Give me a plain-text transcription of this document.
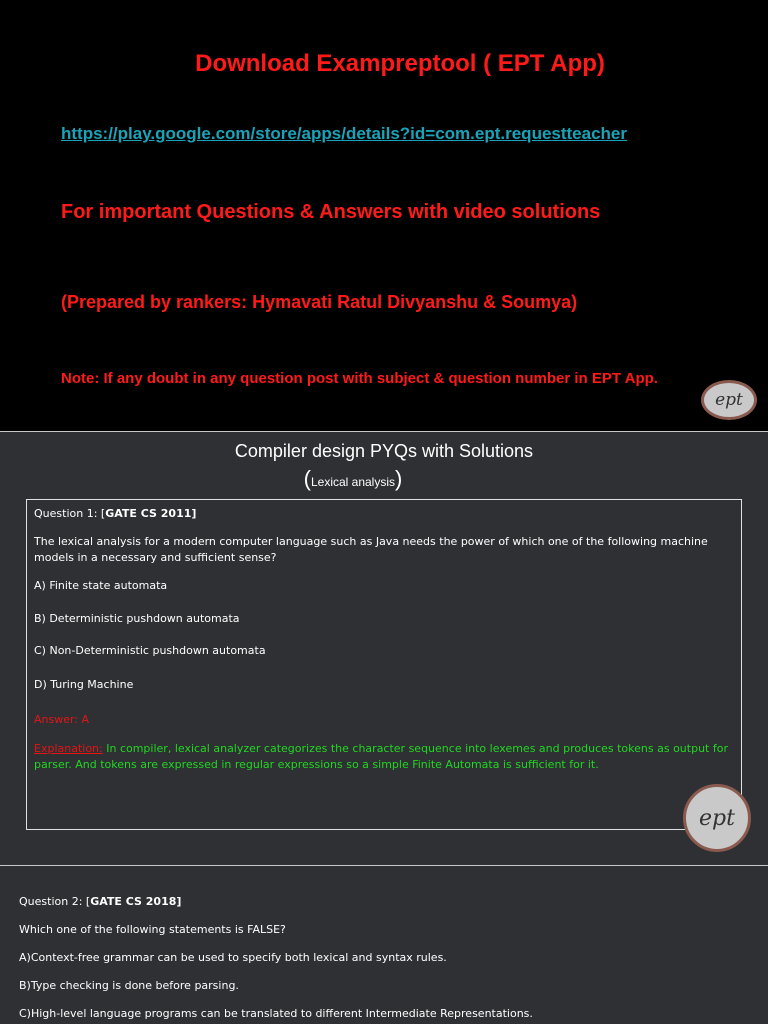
Download Exampreptool ( EPT App)
https://play.google.com/store/apps/details?id=com.ept.requestteacher
For important Questions & Answers with video solutions
(Prepared by rankers: Hymavati Ratul Divyanshu & Soumya)
Note: If any doubt in any question post with subject & question number in EPT App.
ept
Compiler design PYQs with Solutions
(Lexical analysis)
Question 1: [GATE CS 2011]
The lexical analysis for a modern computer language such as Java needs the power of which one of the following machine models in a necessary and sufficient sense?
A) Finite state automata
B) Deterministic pushdown automata
C) Non-Deterministic pushdown automata
D) Turing Machine
Answer: A
Explanation: In compiler, lexical analyzer categorizes the character sequence into lexemes and produces tokens as output for parser. And tokens are expressed in regular expressions so a simple Finite Automata is sufficient for it.
ept
Question 2: [GATE CS 2018]
Which one of the following statements is FALSE?
A)Context-free grammar can be used to specify both lexical and syntax rules.
B)Type checking is done before parsing.
C)High-level language programs can be translated to different Intermediate Representations.
